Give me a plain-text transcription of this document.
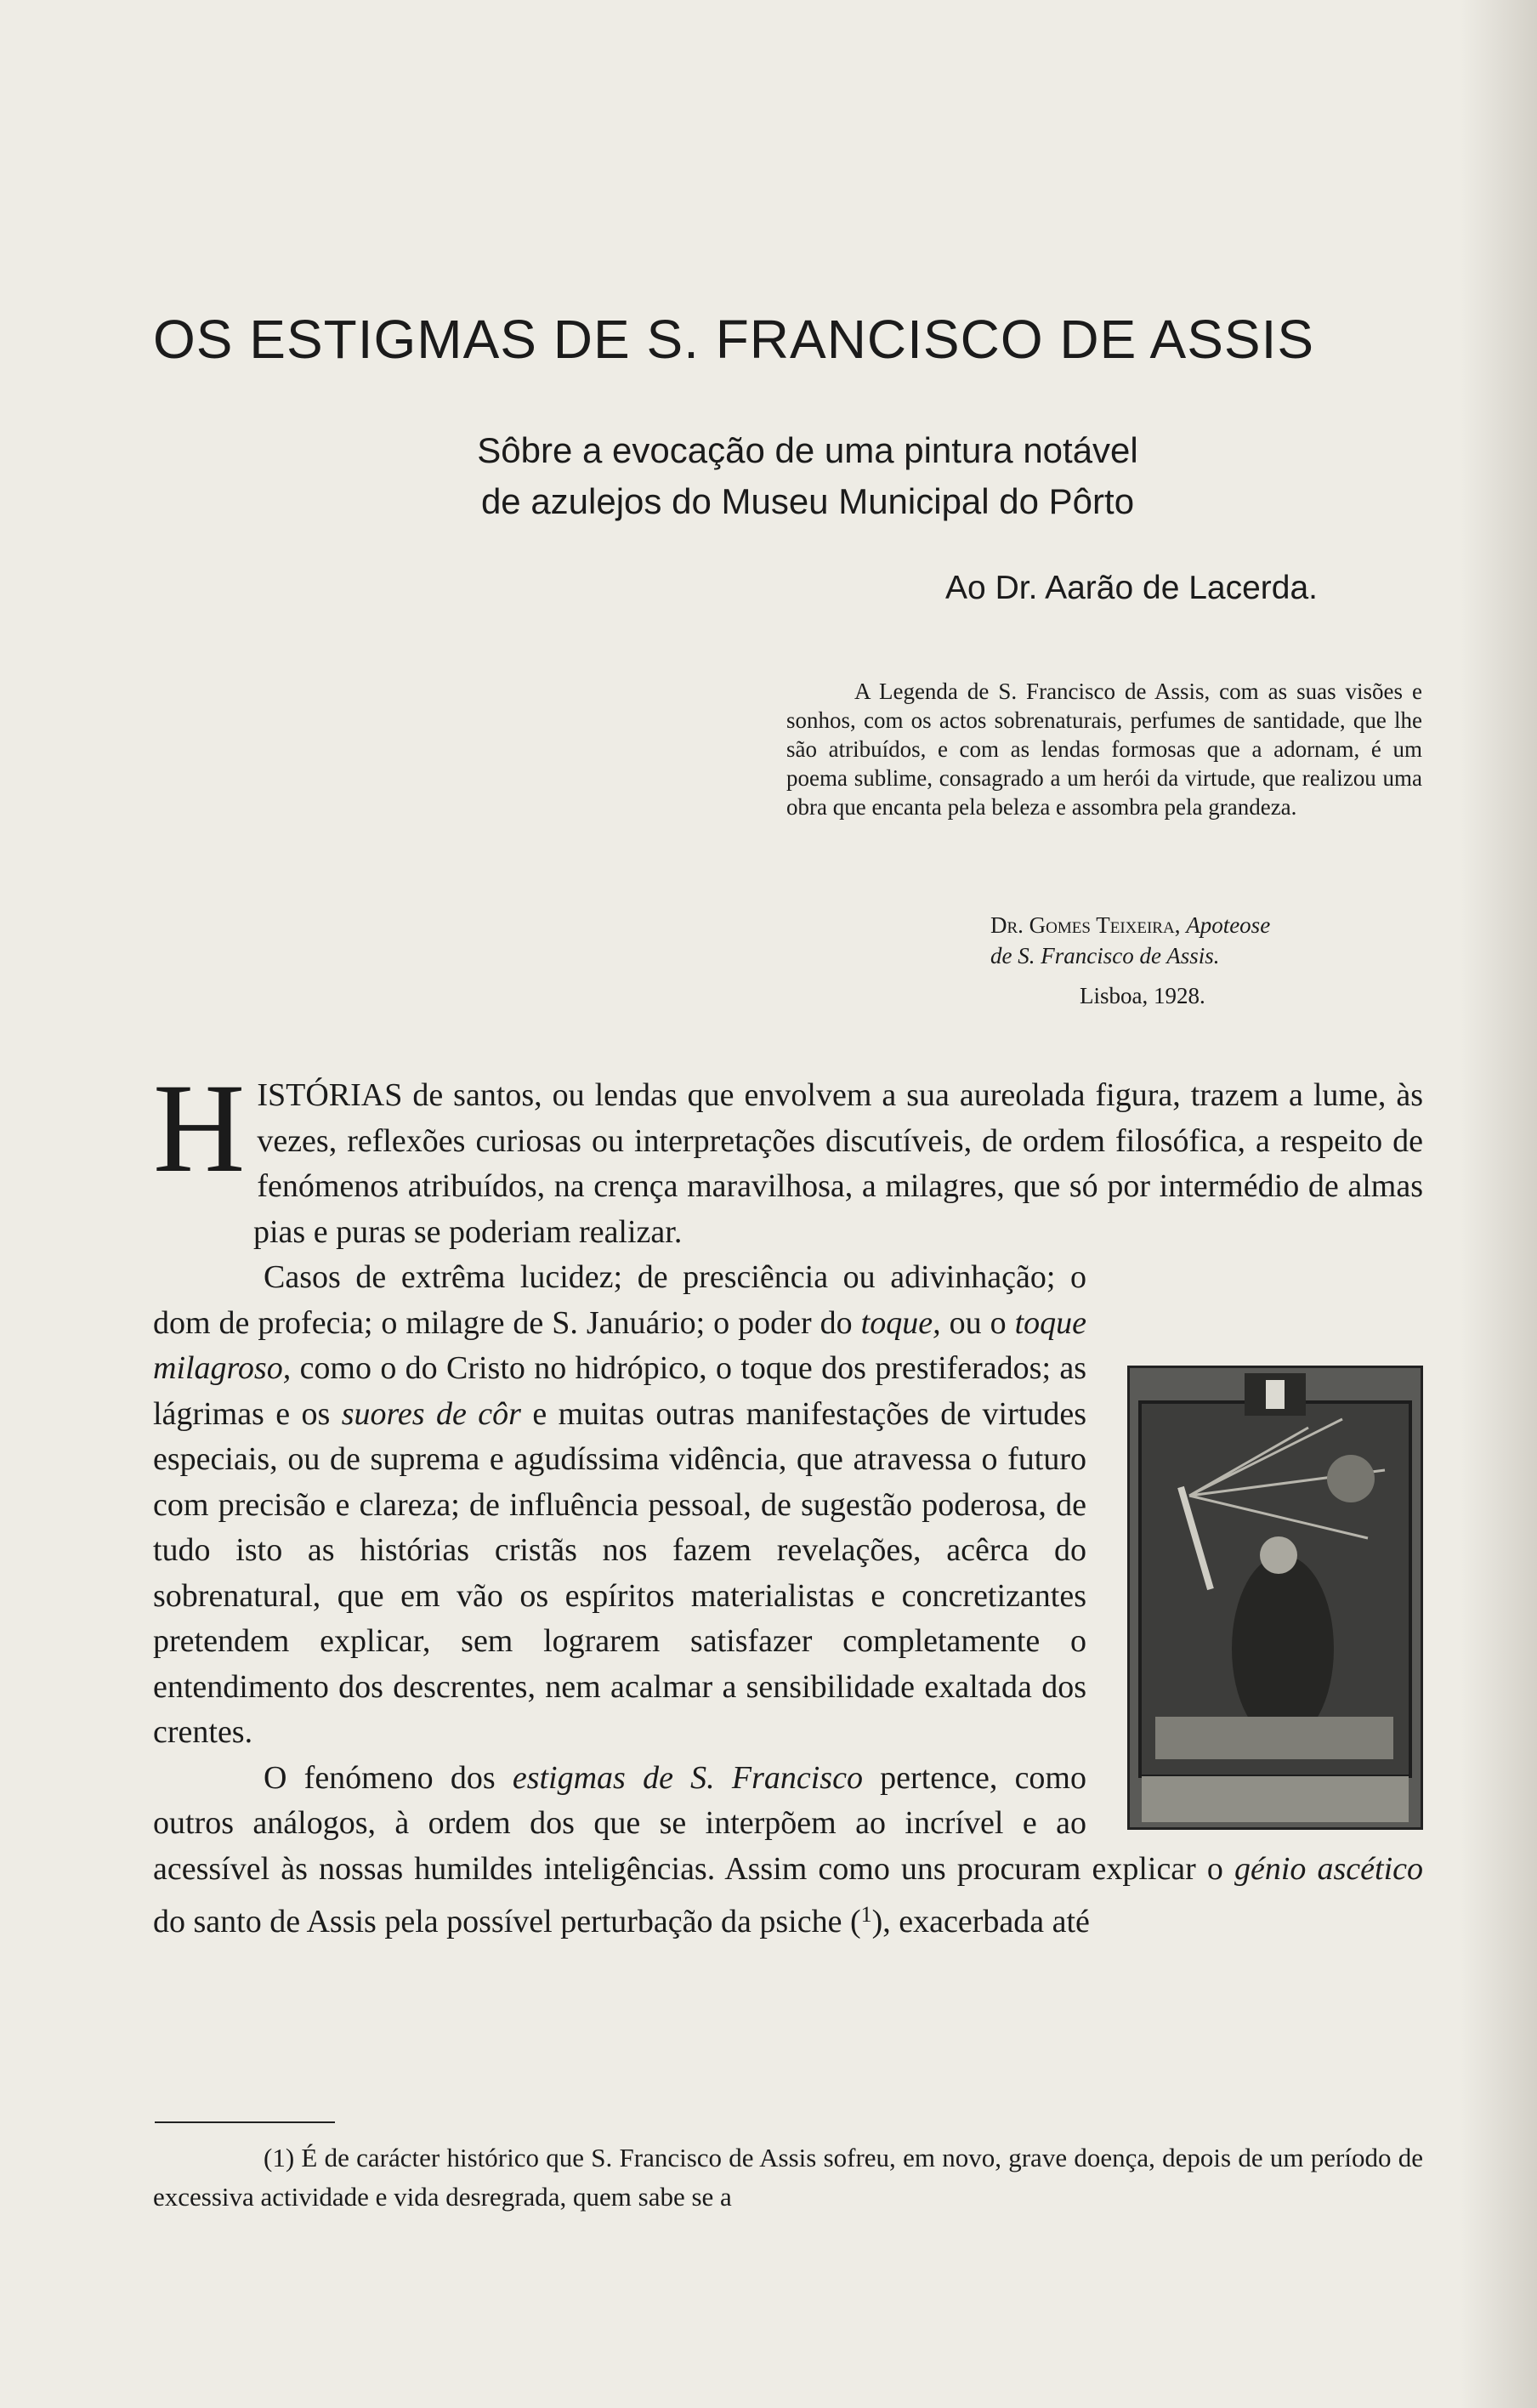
OS ESTIGMAS DE S. FRANCISCO DE ASSIS
Sôbre a evocação de uma pintura notável
de azulejos do Museu Municipal do Pôrto
Ao Dr. Aarão de Lacerda.

A Legenda de S. Francisco de Assis, com as suas visões e sonhos, com os actos sobrenaturais, perfumes de santidade, que lhe são atribuídos, e com as lendas formosas que a adornam, é um poema sublime, consagrado a um herói da virtude, que realizou uma obra que encanta pela beleza e assombra pela grandeza.

Dr. Gomes Teixeira, Apoteose
de S. Francisco de Assis.
Lisboa, 1928.

HISTÓRIAS de santos, ou lendas que envolvem a sua aureolada figura, trazem a lume, às vezes, reflexões curiosas ou interpretações discutíveis, de ordem filosófica, a respeito de fenómenos atribuídos, na crença maravilhosa, a milagres, que só por intermédio de almas pias e puras se poderiam realizar.

Casos de extrêma lucidez; de presciência ou adivinhação; o dom de profecia; o milagre de S. Januário; o poder do toque, ou o toque milagroso, como o do Cristo no hidrópico, o toque dos prestiferados; as lágrimas e os suores de côr e muitas outras manifestações de virtudes especiais, ou de suprema e agudíssima vidência, que atravessa o futuro com precisão e clareza; de influência pessoal, de sugestão poderosa, de tudo isto as histórias cristãs nos fazem revelações, acêrca do sobrenatural, que em vão os espíritos materialistas e concretizantes pretendem explicar, sem lograrem satisfazer completamente o entendimento dos descrentes, nem acalmar a sensibilidade exaltada dos crentes.

O fenómeno dos estigmas de S. Francisco pertence, como outros análogos, à ordem dos que se interpõem ao incrível e ao acessível às nossas humildes inteligências. Assim como uns procuram explicar o génio ascético do santo de Assis pela possível perturbação da psiche ($^1$), exacerbada até

(1) É de carácter histórico que S. Francisco de Assis sofreu, em novo, grave doença, depois de um período de excessiva actividade e vida desregrada, quem sabe se a
